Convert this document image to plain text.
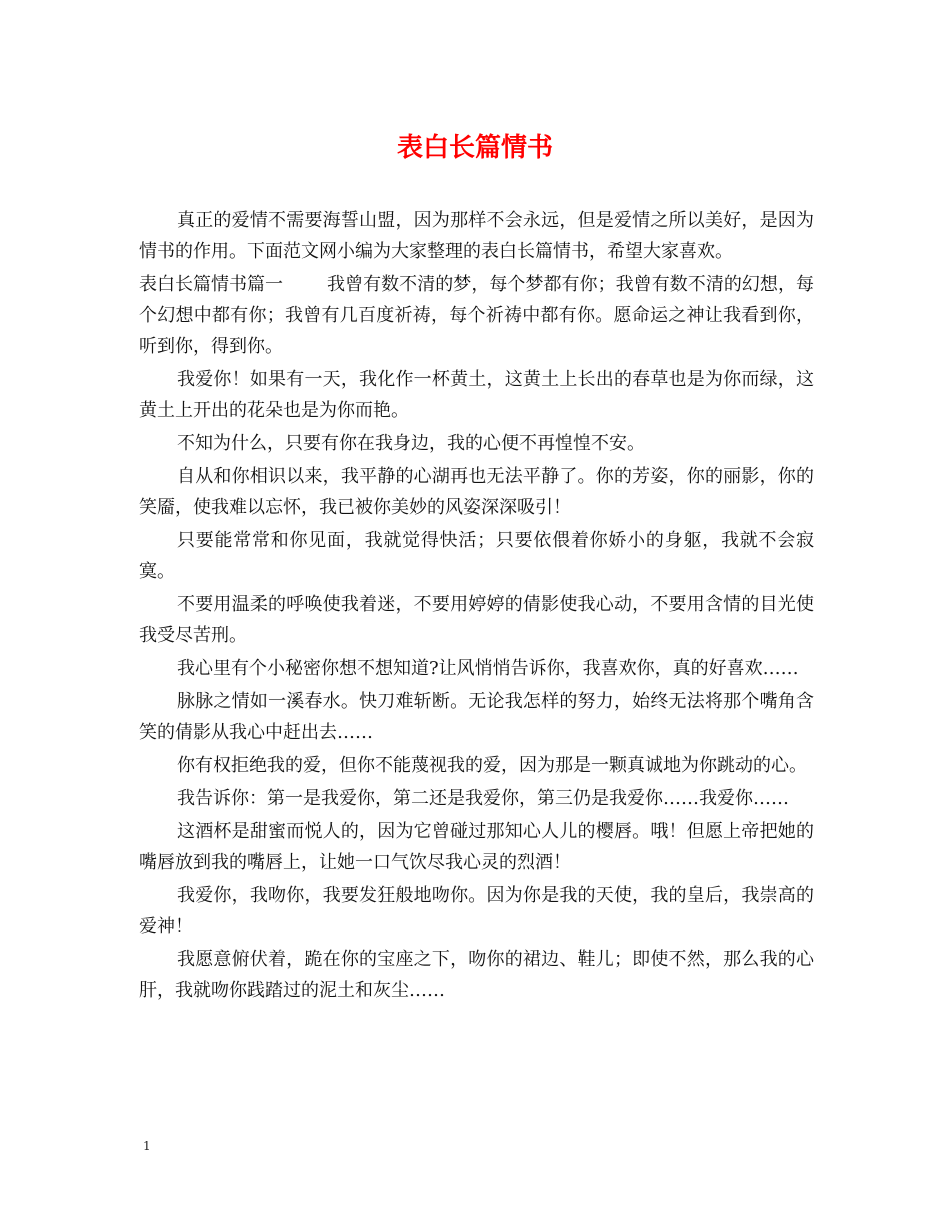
表白长篇情书

真正的爱情不需要海誓山盟，因为那样不会永远，但是爱情之所以美好，是因为情书的作用。下面范文网小编为大家整理的表白长篇情书，希望大家喜欢。

表白长篇情书篇一 我曾有数不清的梦，每个梦都有你；我曾有数不清的幻想，每个幻想中都有你；我曾有几百度祈祷，每个祈祷中都有你。愿命运之神让我看到你，听到你，得到你。

我爱你！如果有一天，我化作一杯黄土，这黄土上长出的春草也是为你而绿，这黄土上开出的花朵也是为你而艳。

不知为什么，只要有你在我身边，我的心便不再惶惶不安。

自从和你相识以来，我平静的心湖再也无法平静了。你的芳姿，你的丽影，你的笑靥，使我难以忘怀，我已被你美妙的风姿深深吸引！

只要能常常和你见面，我就觉得快活；只要依偎着你娇小的身躯，我就不会寂寞。

不要用温柔的呼唤使我着迷，不要用婷婷的倩影使我心动，不要用含情的目光使我受尽苦刑。

我心里有个小秘密你想不想知道?让风悄悄告诉你，我喜欢你，真的好喜欢……

脉脉之情如一溪春水。快刀难斩断。无论我怎样的努力，始终无法将那个嘴角含笑的倩影从我心中赶出去……

你有权拒绝我的爱，但你不能蔑视我的爱，因为那是一颗真诚地为你跳动的心。

我告诉你：第一是我爱你，第二还是我爱你，第三仍是我爱你……我爱你……

这酒杯是甜蜜而悦人的，因为它曾碰过那知心人儿的樱唇。哦！但愿上帝把她的嘴唇放到我的嘴唇上，让她一口气饮尽我心灵的烈酒！

我爱你，我吻你，我要发狂般地吻你。因为你是我的天使，我的皇后，我崇高的爱神！

我愿意俯伏着，跪在你的宝座之下，吻你的裙边、鞋儿；即使不然，那么我的心肝，我就吻你践踏过的泥土和灰尘……

1
